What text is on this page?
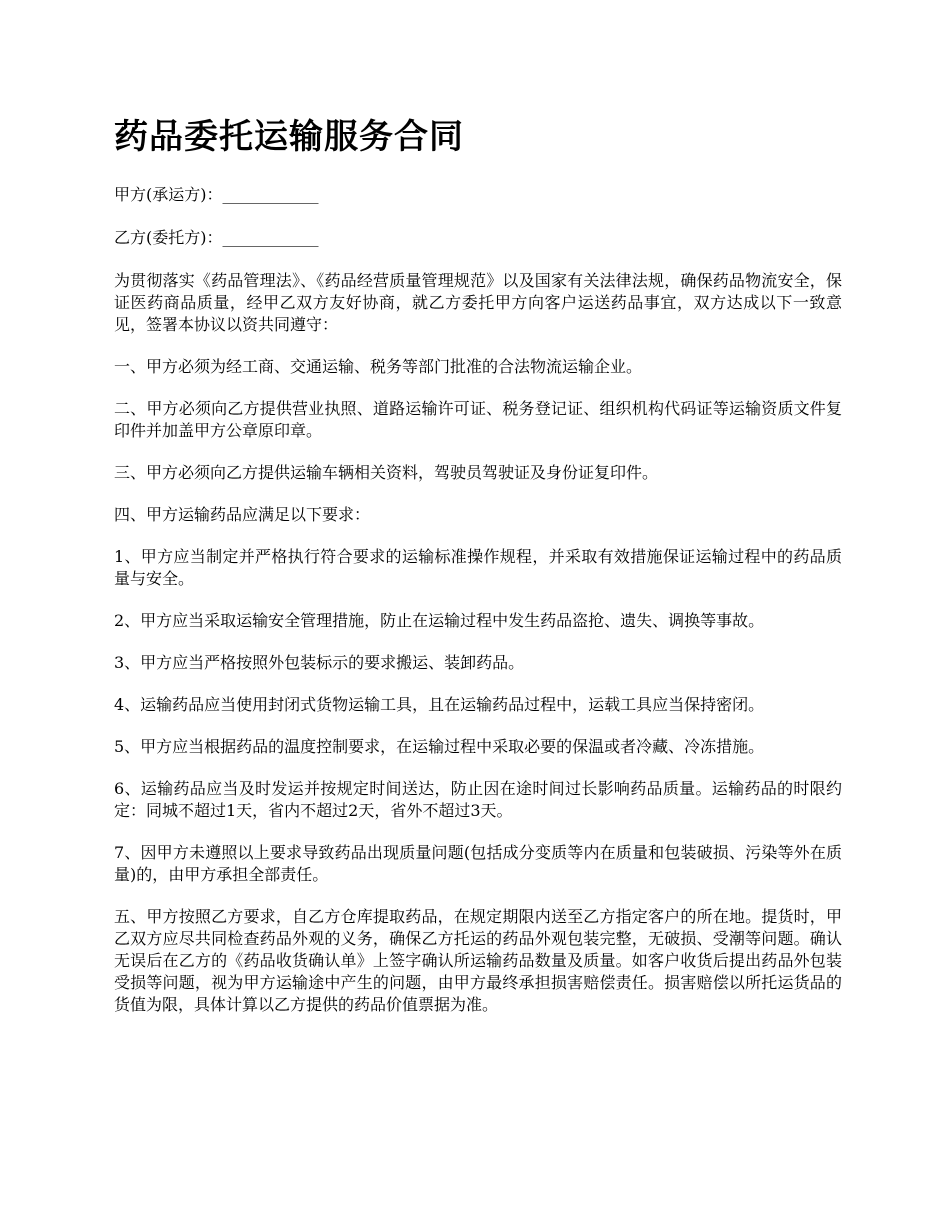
药品委托运输服务合同

甲方(承运方)：____________

乙方(委托方)：____________

为贯彻落实《药品管理法》、《药品经营质量管理规范》以及国家有关法律法规，确保药品物流安全，保证医药商品质量，经甲乙双方友好协商，就乙方委托甲方向客户运送药品事宜，双方达成以下一致意见，签署本协议以资共同遵守：

一、甲方必须为经工商、交通运输、税务等部门批准的合法物流运输企业。

二、甲方必须向乙方提供营业执照、道路运输许可证、税务登记证、组织机构代码证等运输资质文件复印件并加盖甲方公章原印章。

三、甲方必须向乙方提供运输车辆相关资料，驾驶员驾驶证及身份证复印件。

四、甲方运输药品应满足以下要求：

1、甲方应当制定并严格执行符合要求的运输标准操作规程，并采取有效措施保证运输过程中的药品质量与安全。

2、甲方应当采取运输安全管理措施，防止在运输过程中发生药品盗抢、遗失、调换等事故。

3、甲方应当严格按照外包装标示的要求搬运、装卸药品。

4、运输药品应当使用封闭式货物运输工具，且在运输药品过程中，运载工具应当保持密闭。

5、甲方应当根据药品的温度控制要求，在运输过程中采取必要的保温或者冷藏、冷冻措施。

6、运输药品应当及时发运并按规定时间送达，防止因在途时间过长影响药品质量。运输药品的时限约定：同城不超过1天，省内不超过2天，省外不超过3天。

7、因甲方未遵照以上要求导致药品出现质量问题(包括成分变质等内在质量和包装破损、污染等外在质量)的，由甲方承担全部责任。

五、甲方按照乙方要求，自乙方仓库提取药品，在规定期限内送至乙方指定客户的所在地。提货时，甲乙双方应尽共同检查药品外观的义务，确保乙方托运的药品外观包装完整，无破损、受潮等问题。确认无误后在乙方的《药品收货确认单》上签字确认所运输药品数量及质量。如客户收货后提出药品外包装受损等问题，视为甲方运输途中产生的问题，由甲方最终承担损害赔偿责任。损害赔偿以所托运货品的货值为限，具体计算以乙方提供的药品价值票据为准。
